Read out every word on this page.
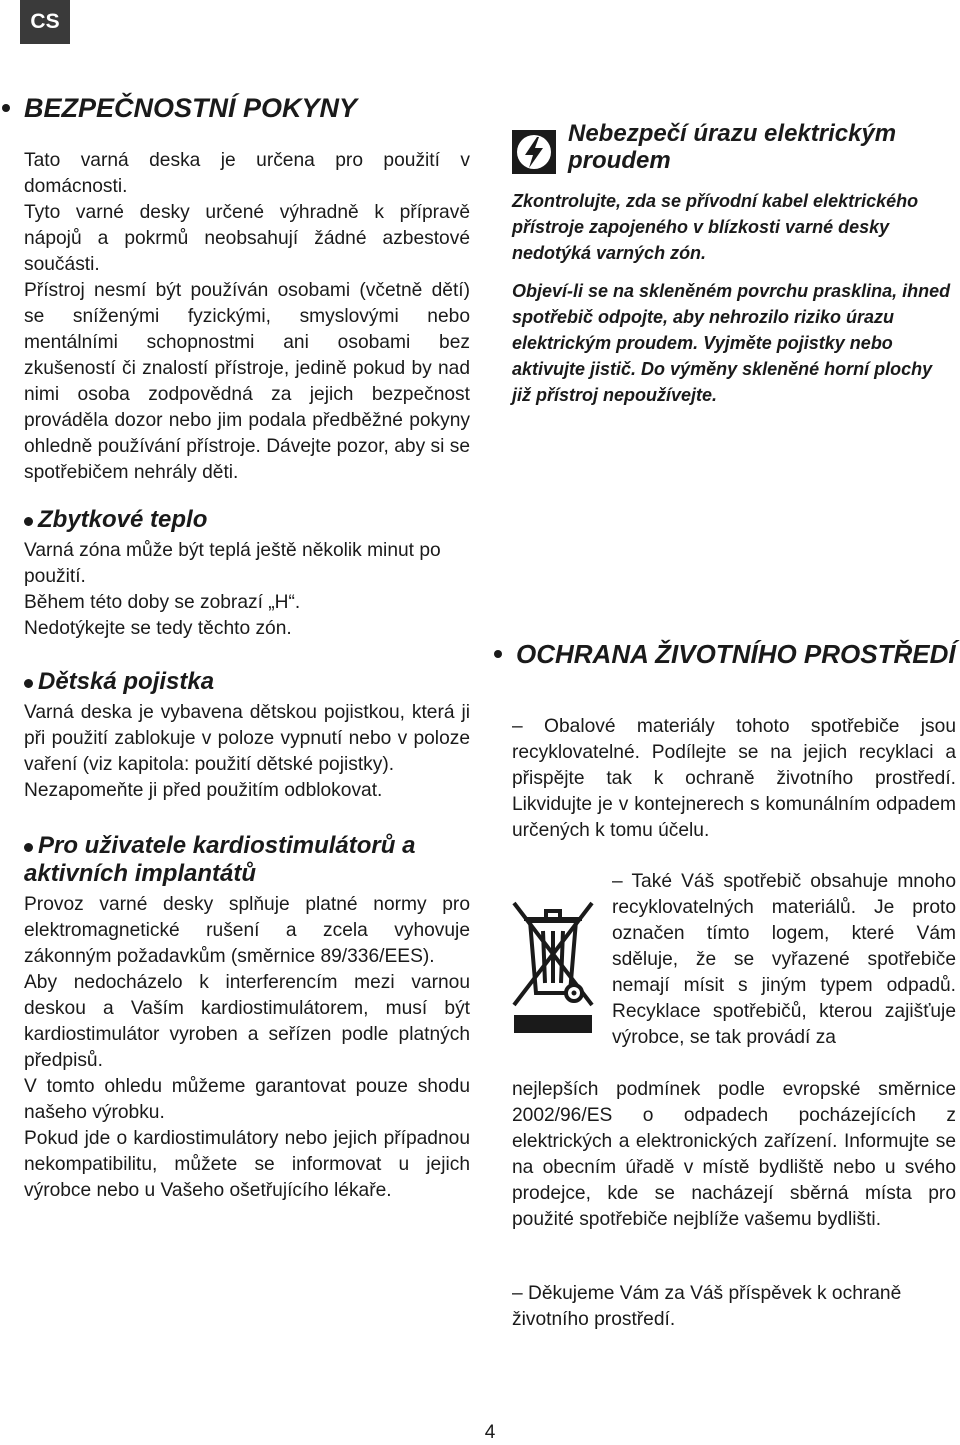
CS
BEZPEČNOSTNÍ POKYNY

Tato varná deska je určena pro použití v domácnosti.

Tyto varné desky určené výhradně k přípravě nápojů a pokrmů neobsahují žádné azbestové součásti.

Přístroj nesmí být používán osobami (včetně dětí) se sníženými fyzickými, smyslovými nebo mentálními schopnostmi ani osobami bez zkušeností či znalostí přístroje, jedině pokud by nad nimi osoba zodpovědná za jejich bezpečnost prováděla dozor nebo jim podala předběžné pokyny ohledně používání přístroje. Dávejte pozor, aby si se spotřebičem nehrály děti.

Zbytkové teplo

Varná zóna může být teplá ještě několik minut po použití.

Během této doby se zobrazí „H“.

Nedotýkejte se tedy těchto zón.

Dětská pojistka

Varná deska je vybavena dětskou pojistkou, která ji při použití zablokuje v poloze vypnutí nebo v poloze vaření (viz kapitola: použití dětské pojistky).

Nezapomeňte ji před použitím odblokovat.

Pro uživatele kardiostimulátorů a aktivních implantátů

Provoz varné desky splňuje platné normy pro elektromagnetické rušení a zcela vyhovuje zákonným požadavkům (směrnice 89/336/EES).

Aby nedocházelo k interferencím mezi varnou deskou a Vaším kardiostimulátorem, musí být kardiostimulátor vyroben a seřízen podle platných předpisů.

V tomto ohledu můžeme garantovat pouze shodu našeho výrobku.

Pokud jde o kardiostimulátory nebo jejich případnou nekompatibilitu, můžete se informovat u jejich výrobce nebo u Vašeho ošetřujícího lékaře.

Nebezpečí úrazu elektrickým proudem

Zkontrolujte, zda se přívodní kabel elektrického přístroje zapojeného v blízkosti varné desky nedotýká varných zón.

Objeví-li se na skleněném povrchu prasklina, ihned spotřebič odpojte, aby nehrozilo riziko úrazu elektrickým proudem. Vyjměte pojistky nebo aktivujte jistič. Do výměny skleněné horní plochy již přístroj nepoužívejte.

OCHRANA ŽIVOTNÍHO PROSTŘEDÍ

– Obalové materiály tohoto spotřebiče jsou recyklovatelné. Podílejte se na jejich recyklaci a přispějte tak k ochraně životního prostředí. Likvidujte je v kontejnerech s komunálním odpadem určených k tomu účelu.

– Také Váš spotřebič obsahuje mnoho recyklovatelných materiálů. Je proto označen tímto logem, které Vám sděluje, že se vyřazené spotřebiče nemají mísit s jiným typem odpadů. Recyklace spotřebičů, kterou zajišťuje výrobce, se tak provádí za

nejlepších podmínek podle evropské směrnice 2002/96/ES o odpadech pocházejících z elektrických a elektronických zařízení. Informujte se na obecním úřadě v místě bydliště nebo u svého prodejce, kde se nacházejí sběrná místa pro použité spotřebiče nejblíže vašemu bydlišti.

– Děkujeme Vám za Váš příspěvek k ochraně životního prostředí.

4
